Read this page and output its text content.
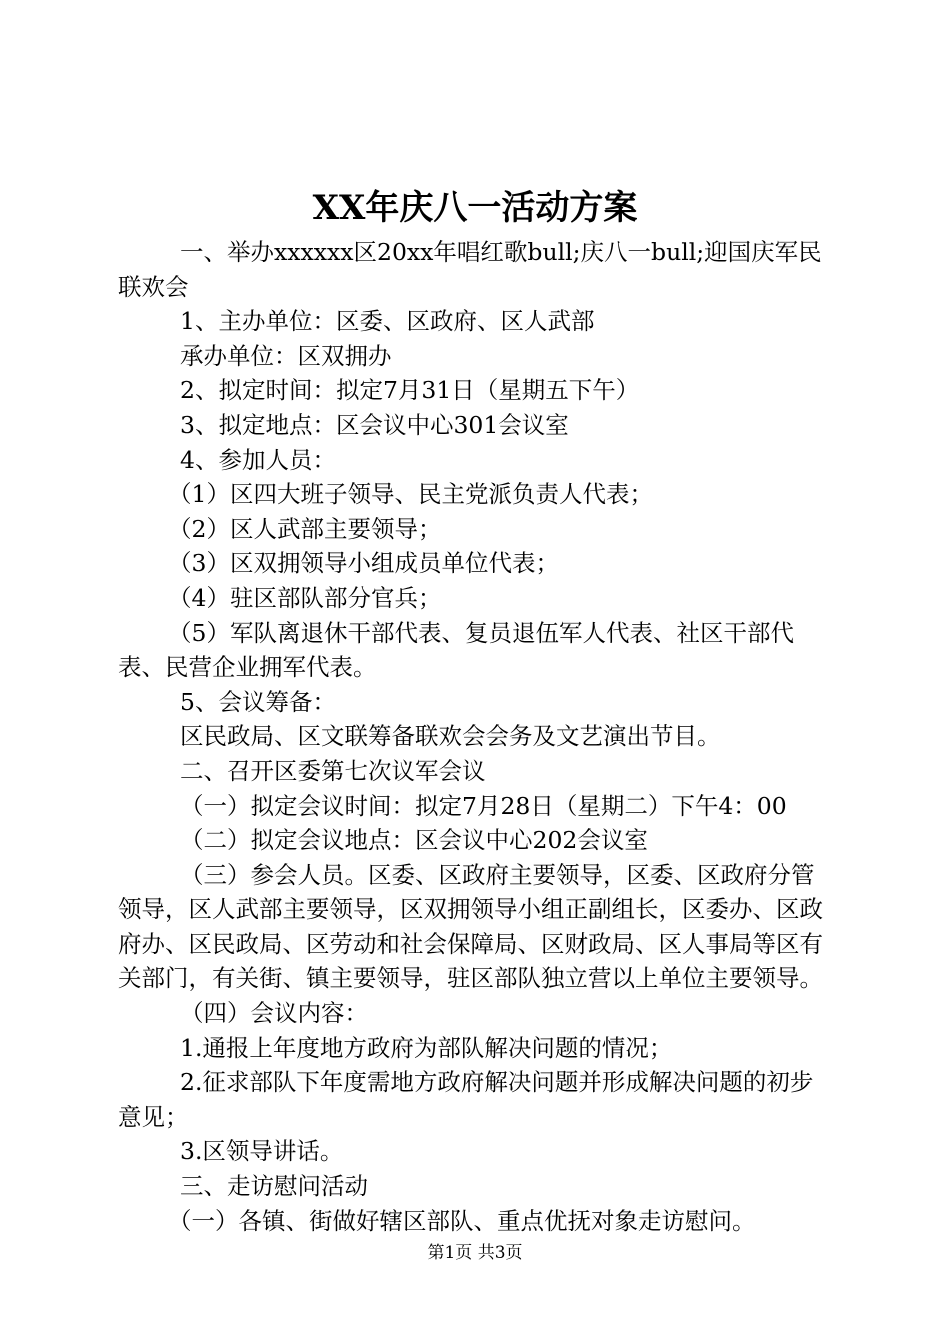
XX年庆八一活动方案

一、举办xxxxxx区20xx年唱红歌bull;庆八一bull;迎国庆军民联欢会

1、主办单位：区委、区政府、区人武部

承办单位：区双拥办

2、拟定时间：拟定7月31日（星期五下午）

3、拟定地点：区会议中心301会议室

4、参加人员：

（1）区四大班子领导、民主党派负责人代表；

（2）区人武部主要领导；

（3）区双拥领导小组成员单位代表；

（4）驻区部队部分官兵；

（5）军队离退休干部代表、复员退伍军人代表、社区干部代表、民营企业拥军代表。

5、会议筹备：

区民政局、区文联筹备联欢会会务及文艺演出节目。

二、召开区委第七次议军会议

（一）拟定会议时间：拟定7月28日（星期二）下午4：00

（二）拟定会议地点：区会议中心202会议室

（三）参会人员。区委、区政府主要领导，区委、区政府分管领导，区人武部主要领导，区双拥领导小组正副组长，区委办、区政府办、区民政局、区劳动和社会保障局、区财政局、区人事局等区有关部门，有关街、镇主要领导，驻区部队独立营以上单位主要领导。

（四）会议内容：

1.通报上年度地方政府为部队解决问题的情况；

2.征求部队下年度需地方政府解决问题并形成解决问题的初步意见；

3.区领导讲话。

三、走访慰问活动

（一）各镇、街做好辖区部队、重点优抚对象走访慰问。

第1页 共3页
